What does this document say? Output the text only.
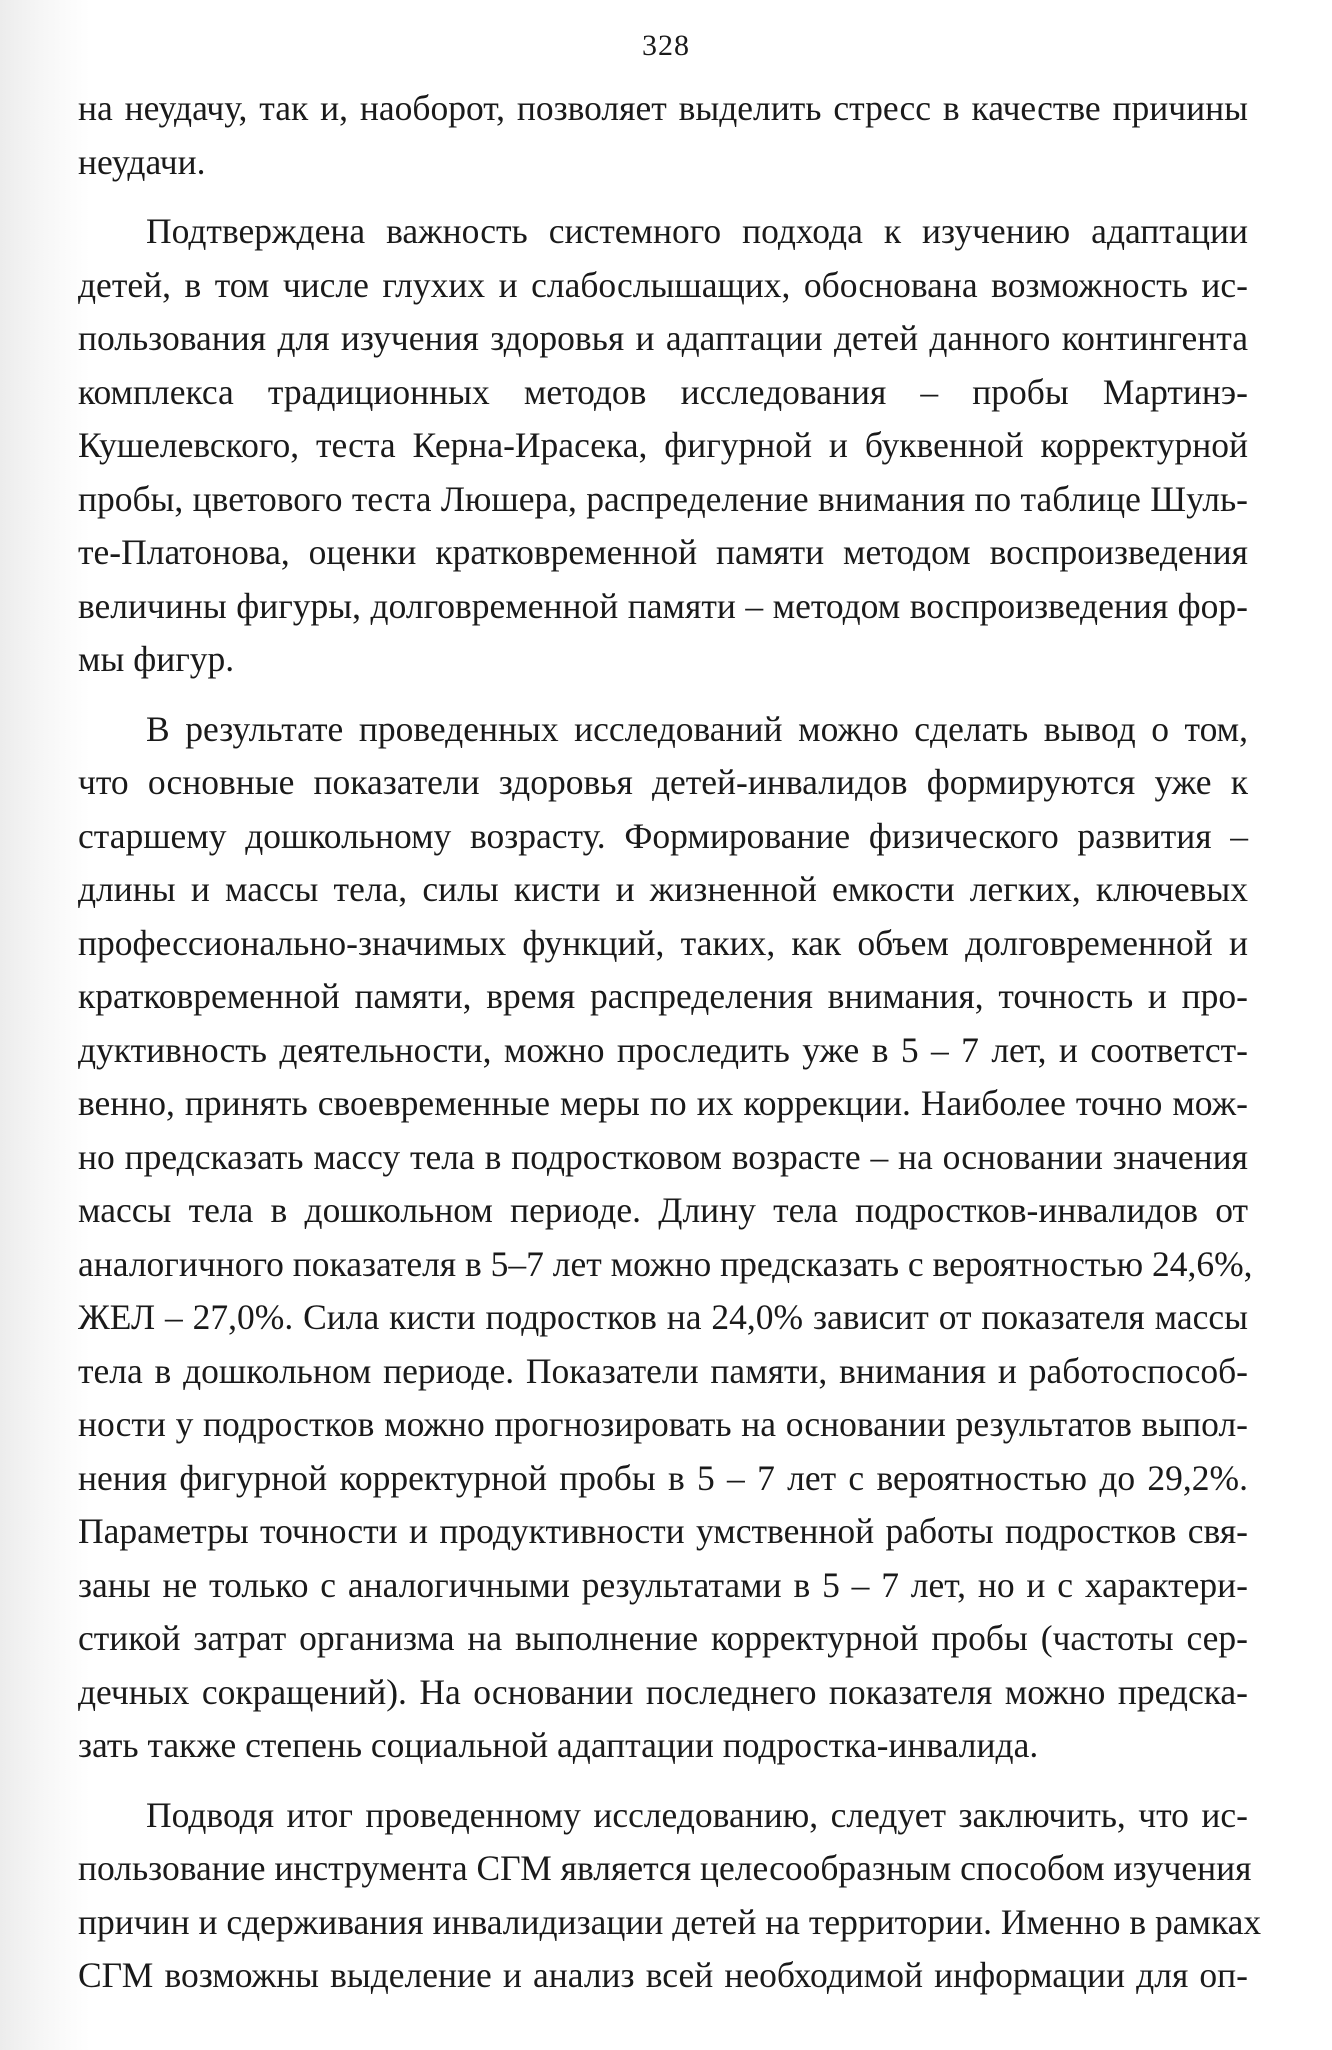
328

на неудачу, так и, наоборот, позволяет выделить стресс в качестве причины
неудачи.

Подтверждена важность системного подхода к изучению адаптации
детей, в том числе глухих и слабослышащих, обоснована возможность ис-
пользования для изучения здоровья и адаптации детей данного контингента
комплекса традиционных методов исследования – пробы Мартинэ-
Кушелевского, теста Керна-Ирасека, фигурной и буквенной корректурной
пробы, цветового теста Люшера, распределение внимания по таблице Шуль-
те-Платонова, оценки кратковременной памяти методом воспроизведения
величины фигуры, долговременной памяти – методом воспроизведения фор-
мы фигур.

В результате проведенных исследований можно сделать вывод о том,
что основные показатели здоровья детей-инвалидов формируются уже к
старшему дошкольному возрасту. Формирование физического развития –
длины и массы тела, силы кисти и жизненной емкости легких, ключевых
профессионально-значимых функций, таких, как объем долговременной и
кратковременной памяти, время распределения внимания, точность и про-
дуктивность деятельности, можно проследить уже в 5 – 7 лет, и соответст-
венно, принять своевременные меры по их коррекции. Наиболее точно мож-
но предсказать массу тела в подростковом возрасте – на основании значения
массы тела в дошкольном периоде. Длину тела подростков-инвалидов от
аналогичного показателя в 5–7 лет можно предсказать с вероятностью 24,6%,
ЖЕЛ – 27,0%. Сила кисти подростков на 24,0% зависит от показателя массы
тела в дошкольном периоде. Показатели памяти, внимания и работоспособ-
ности у подростков можно прогнозировать на основании результатов выпол-
нения фигурной корректурной пробы в 5 – 7 лет с вероятностью до 29,2%.
Параметры точности и продуктивности умственной работы подростков свя-
заны не только с аналогичными результатами в 5 – 7 лет, но и с характери-
стикой затрат организма на выполнение корректурной пробы (частоты сер-
дечных сокращений). На основании последнего показателя можно предска-
зать также степень социальной адаптации подростка-инвалида.

Подводя итог проведенному исследованию, следует заключить, что ис-
пользование инструмента СГМ является целесообразным способом изучения
причин и сдерживания инвалидизации детей на территории. Именно в рамках
СГМ возможны выделение и анализ всей необходимой информации для оп-
